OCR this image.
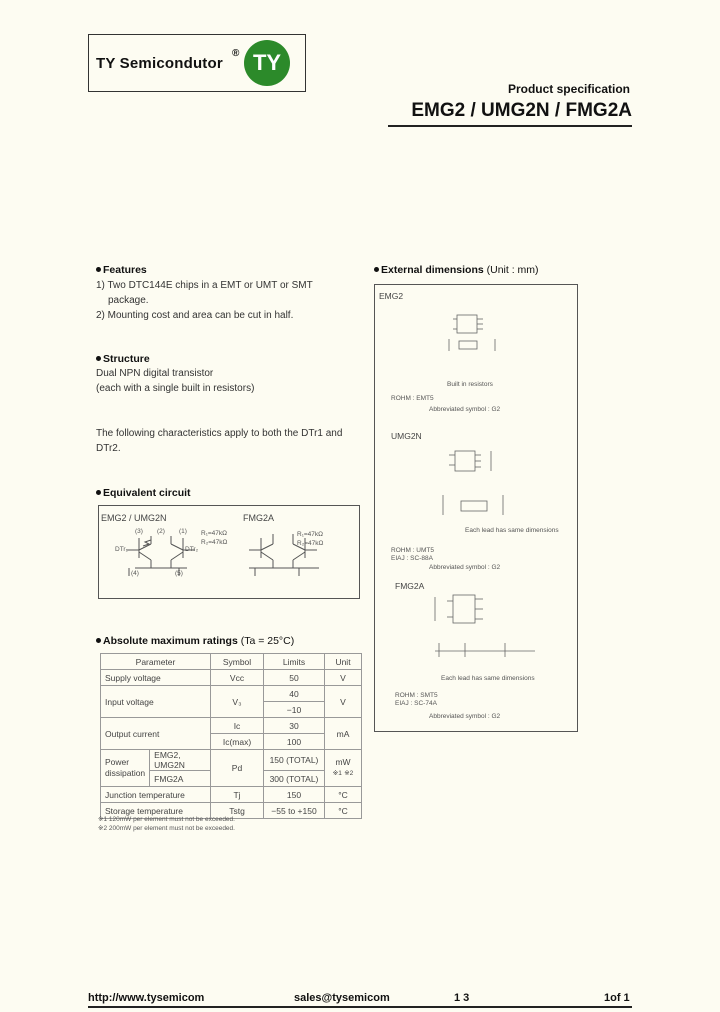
TY Semicondutor
® TY
Product specification
EMG2 / UMG2N / FMG2A
Features
1) Two DTC144E chips in a EMT or UMT or SMT
package.
2) Mounting cost and area can be cut in half.
Structure
Dual NPN digital transistor
(each with a single built in resistors)
The following characteristics apply to both the DTr1 and
DTr2.
Equivalent circuit
EMG2 / UMG2N	FMG2A
R₁=47kΩ
R₂=47kΩ
DTr₁	DTr₂
(3) (2) (1)
(4)	(5)
R₁=47kΩ
R₂=47kΩ
Absolute maximum ratings (Ta = 25°C)
Parameter		Symbol	Limits	Unit
Supply voltage		Vcc	50	V
Input voltage		V₃	40	V
			−10	
Output current		Ic	30	mA
		Ic(max)	100	
Power
dissipation	EMG2, UMG2N	Pd	150 (TOTAL)	mW
※1 ※2
	FMG2A		300 (TOTAL)	
Junction temperature		Tj	150	°C
Storage temperature		Tstg	−55 to +150	°C
※1 120mW per element must not be exceeded.
※2 200mW per element must not be exceeded.
External dimensions (Unit : mm)
EMG2
Built in resistors
ROHM : EMT5
Abbreviated symbol : G2
UMG2N
Each lead has same dimensions
ROHM : UMT5
EIAJ : SC-88A
Abbreviated symbol : G2
FMG2A
Each lead has same dimensions
ROHM : SMT5
EIAJ : SC-74A
Abbreviated symbol : G2
http://www.tysemicom	sales@tysemicom	1 3	1of 1
